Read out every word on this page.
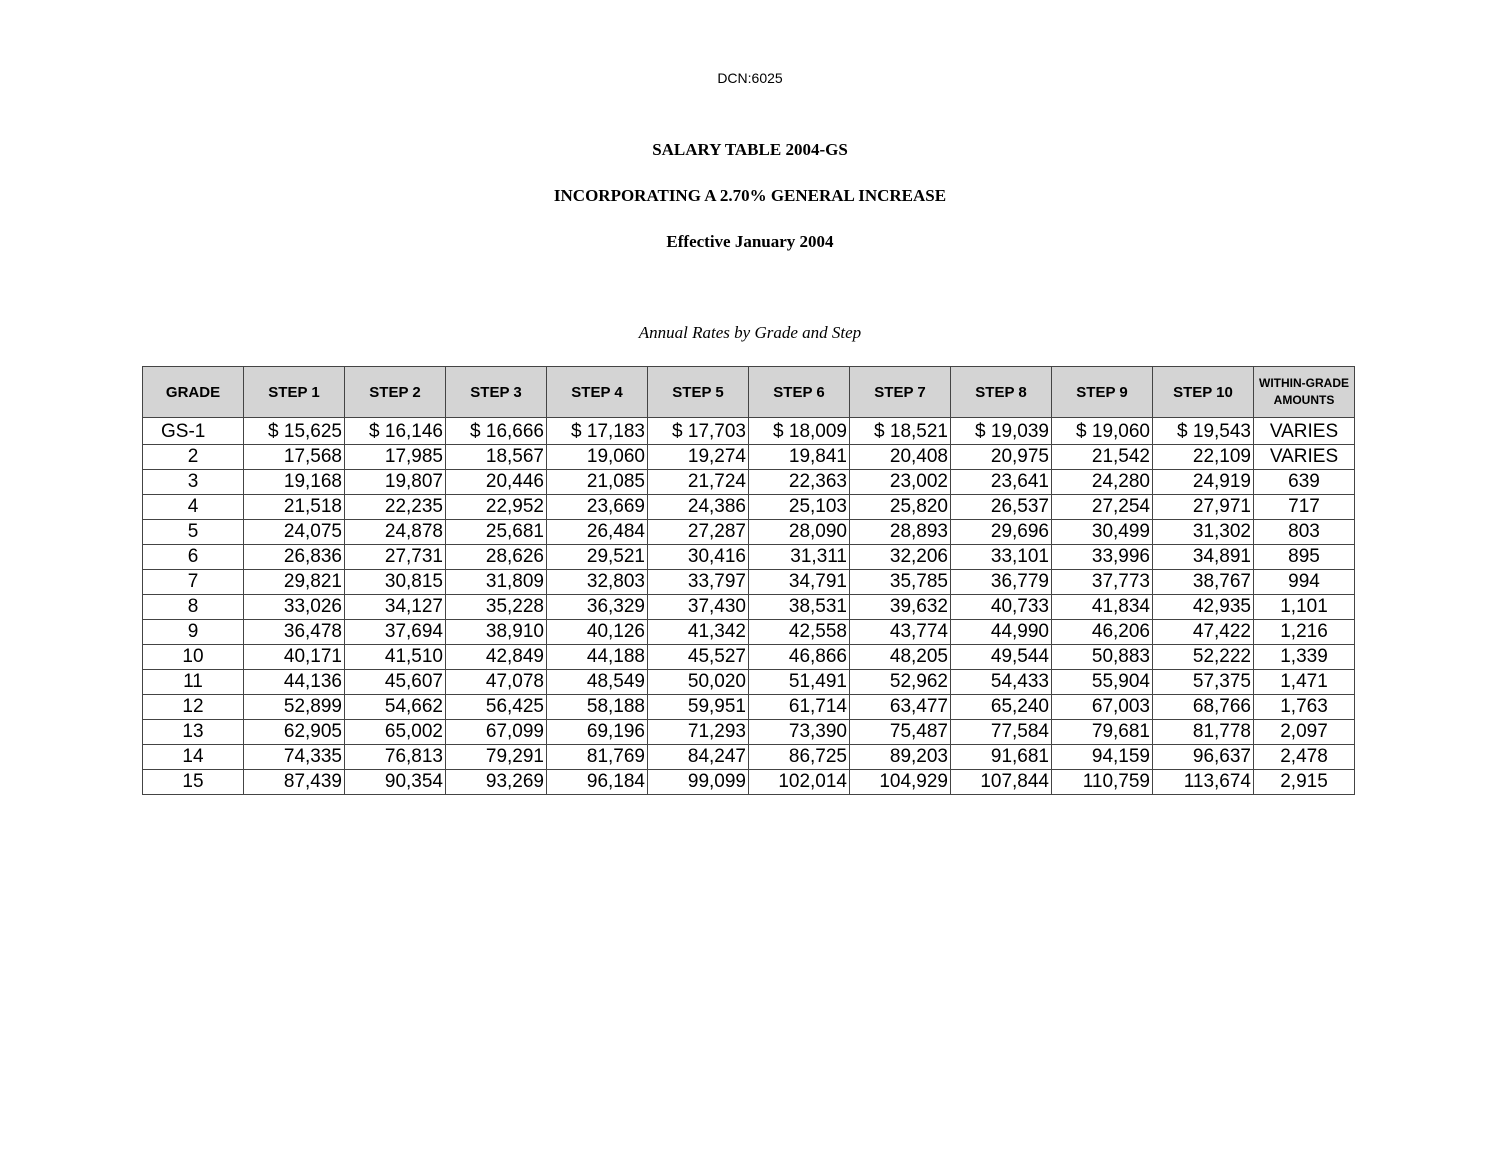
DCN:6025
SALARY TABLE 2004-GS
INCORPORATING A 2.70% GENERAL INCREASE
Effective January 2004
Annual Rates by Grade and Step
GRADE	STEP 1	STEP 2	STEP 3	STEP 4	STEP 5	STEP 6	STEP 7	STEP 8	STEP 9	STEP 10	WITHIN-GRADE
AMOUNTS

GS-1	$ 15,625	$ 16,146	$ 16,666	$ 17,183	$ 17,703	$ 18,009	$ 18,521	$ 19,039	$ 19,060	$ 19,543	VARIES
2	17,568	17,985	18,567	19,060	19,274	19,841	20,408	20,975	21,542	22,109	VARIES
3	19,168	19,807	20,446	21,085	21,724	22,363	23,002	23,641	24,280	24,919	639
4	21,518	22,235	22,952	23,669	24,386	25,103	25,820	26,537	27,254	27,971	717
5	24,075	24,878	25,681	26,484	27,287	28,090	28,893	29,696	30,499	31,302	803
6	26,836	27,731	28,626	29,521	30,416	31,311	32,206	33,101	33,996	34,891	895
7	29,821	30,815	31,809	32,803	33,797	34,791	35,785	36,779	37,773	38,767	994
8	33,026	34,127	35,228	36,329	37,430	38,531	39,632	40,733	41,834	42,935	1,101
9	36,478	37,694	38,910	40,126	41,342	42,558	43,774	44,990	46,206	47,422	1,216
10	40,171	41,510	42,849	44,188	45,527	46,866	48,205	49,544	50,883	52,222	1,339
11	44,136	45,607	47,078	48,549	50,020	51,491	52,962	54,433	55,904	57,375	1,471
12	52,899	54,662	56,425	58,188	59,951	61,714	63,477	65,240	67,003	68,766	1,763
13	62,905	65,002	67,099	69,196	71,293	73,390	75,487	77,584	79,681	81,778	2,097
14	74,335	76,813	79,291	81,769	84,247	86,725	89,203	91,681	94,159	96,637	2,478
15	87,439	90,354	93,269	96,184	99,099	102,014	104,929	107,844	110,759	113,674	2,915
